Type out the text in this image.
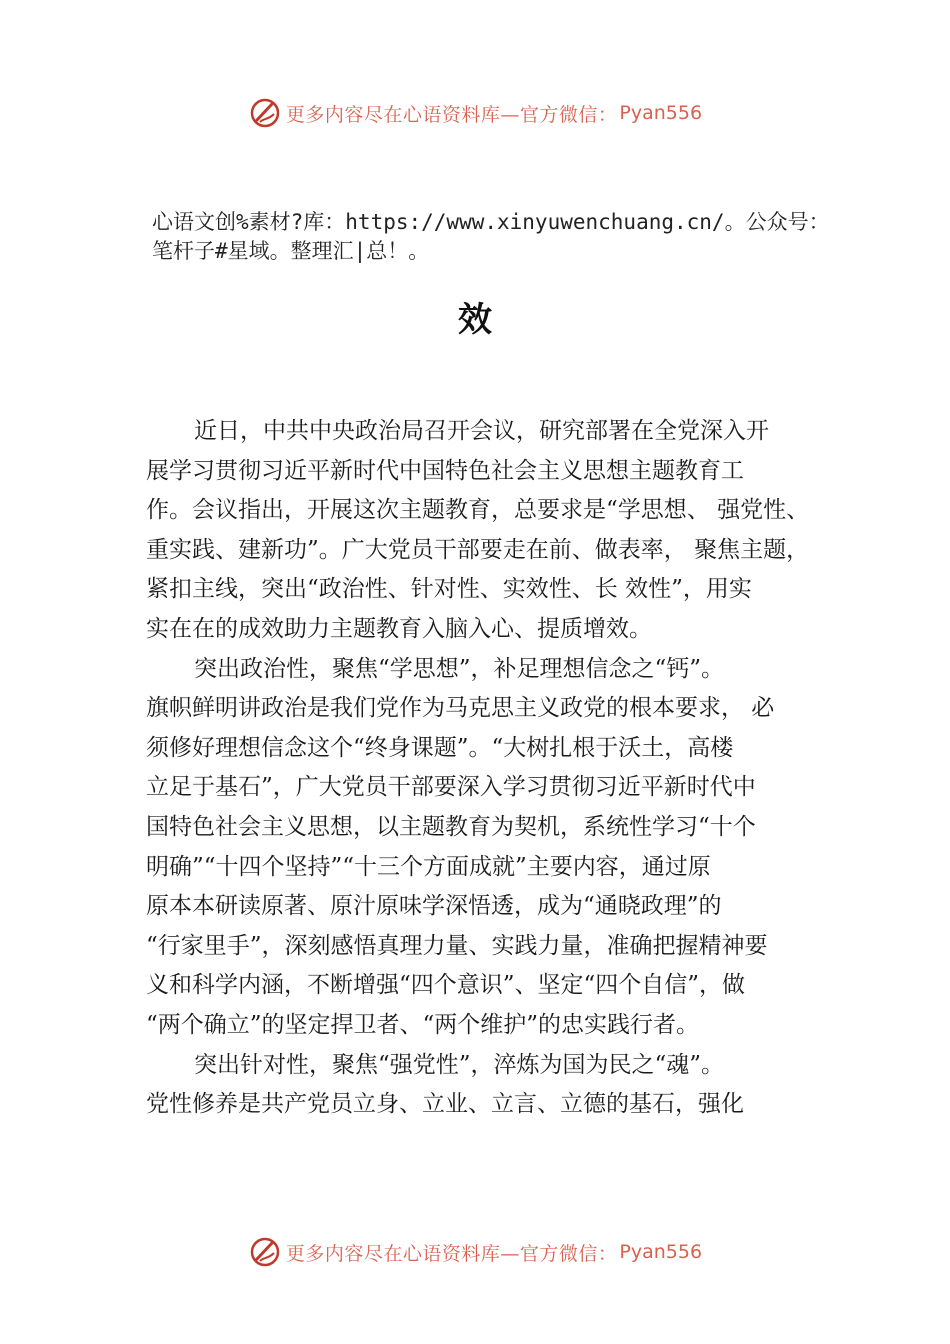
更多内容尽在心语资料库—官方微信： Pyan556
心语文创%素材?库：https://www.xinyuwenchuang.cn/。公众号：笔杆子#星域。整理汇|总！。
效
近日，中共中央政治局召开会议，研究部署在全党深入开
展学习贯彻习近平新时代中国特色社会主义思想主题教育工
作。会议指出，开展这次主题教育，总要求是“学思想、 强党性、
重实践、建新功”。广大党员干部要走在前、做表率， 聚焦主题，
紧扣主线，突出“政治性、针对性、实效性、长 效性”，用实
实在在的成效助力主题教育入脑入心、提质增效。
突出政治性，聚焦“学思想”，补足理想信念之“钙”。
旗帜鲜明讲政治是我们党作为马克思主义政党的根本要求， 必
须修好理想信念这个“终身课题”。“大树扎根于沃土，高楼
立足于基石”，广大党员干部要深入学习贯彻习近平新时代中
国特色社会主义思想，以主题教育为契机，系统性学习“十个
明确”“十四个坚持”“十三个方面成就”主要内容，通过原
原本本研读原著、原汁原味学深悟透，成为“通晓政理”的
“行家里手”，深刻感悟真理力量、实践力量，准确把握精神要
义和科学内涵，不断增强“四个意识”、坚定“四个自信”，做
“两个确立”的坚定捍卫者、“两个维护”的忠实践行者。
突出针对性，聚焦“强党性”，淬炼为国为民之“魂”。
党性修养是共产党员立身、立业、立言、立德的基石，强化
更多内容尽在心语资料库—官方微信： Pyan556
